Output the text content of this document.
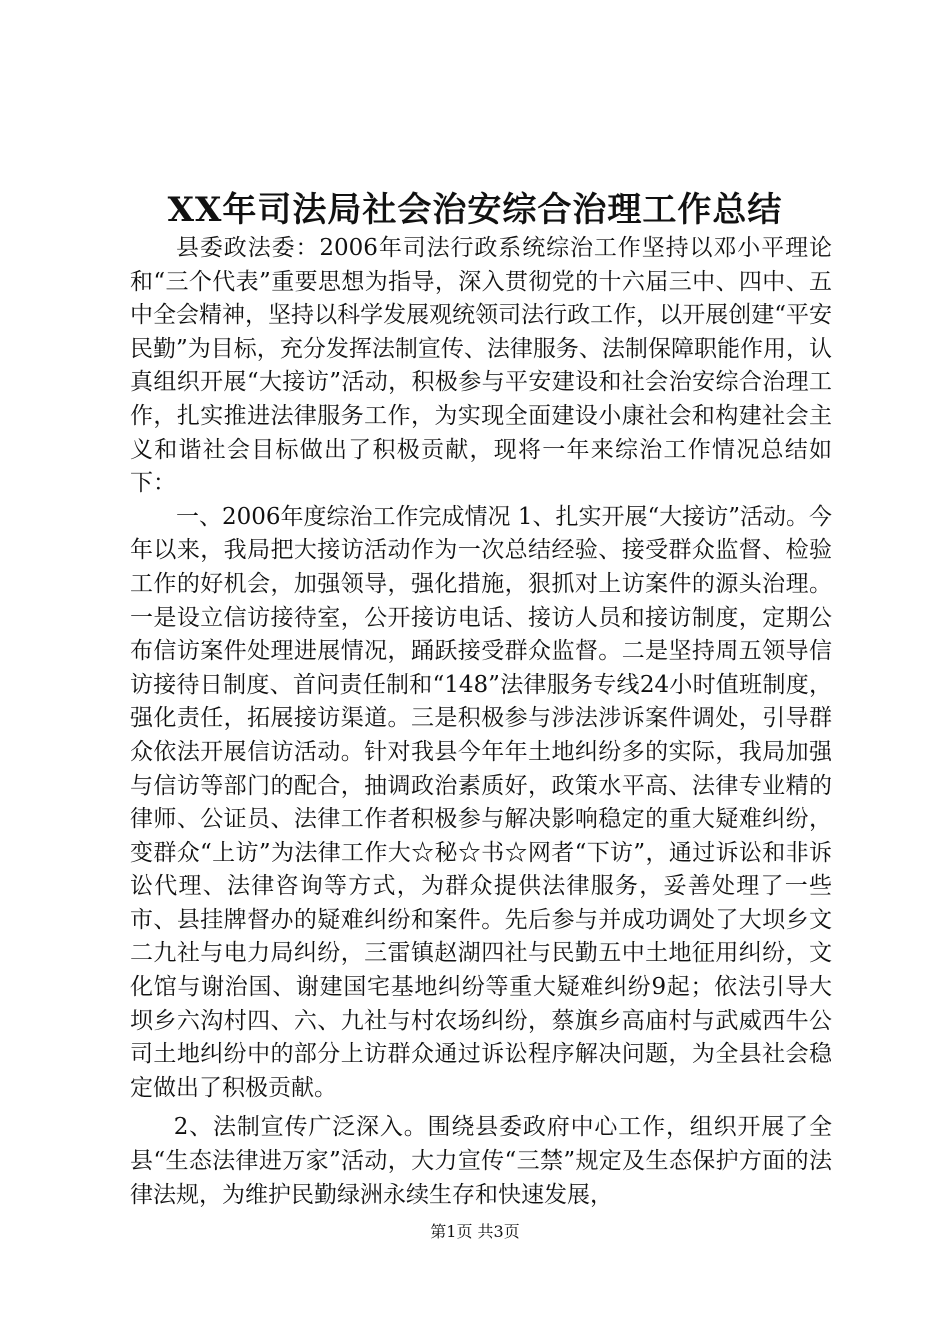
XX年司法局社会治安综合治理工作总结

县委政法委：2006年司法行政系统综治工作坚持以邓小平理论和“三个代表”重要思想为指导，深入贯彻党的十六届三中、四中、五中全会精神，坚持以科学发展观统领司法行政工作，以开展创建“平安民勤”为目标，充分发挥法制宣传、法律服务、法制保障职能作用，认真组织开展“大接访”活动，积极参与平安建设和社会治安综合治理工作，扎实推进法律服务工作，为实现全面建设小康社会和构建社会主义和谐社会目标做出了积极贡献，现将一年来综治工作情况总结如下：

一、2006年度综治工作完成情况 1、扎实开展“大接访”活动。今年以来，我局把大接访活动作为一次总结经验、接受群众监督、检验工作的好机会，加强领导，强化措施，狠抓对上访案件的源头治理。一是设立信访接待室，公开接访电话、接访人员和接访制度，定期公布信访案件处理进展情况，踊跃接受群众监督。二是坚持周五领导信访接待日制度、首问责任制和“148”法律服务专线24小时值班制度，强化责任，拓展接访渠道。三是积极参与涉法涉诉案件调处，引导群众依法开展信访活动。针对我县今年年土地纠纷多的实际，我局加强与信访等部门的配合，抽调政治素质好，政策水平高、法律专业精的律师、公证员、法律工作者积极参与解决影响稳定的重大疑难纠纷，变群众“上访”为法律工作大☆秘☆书☆网者“下访”，通过诉讼和非诉讼代理、法律咨询等方式，为群众提供法律服务，妥善处理了一些市、县挂牌督办的疑难纠纷和案件。先后参与并成功调处了大坝乡文二九社与电力局纠纷，三雷镇赵湖四社与民勤五中土地征用纠纷，文化馆与谢治国、谢建国宅基地纠纷等重大疑难纠纷9起；依法引导大坝乡六沟村四、六、九社与村农场纠纷，蔡旗乡高庙村与武威西牛公司土地纠纷中的部分上访群众通过诉讼程序解决问题，为全县社会稳定做出了积极贡献。

2、法制宣传广泛深入。围绕县委政府中心工作，组织开展了全县“生态法律进万家”活动，大力宣传“三禁”规定及生态保护方面的法律法规，为维护民勤绿洲永续生存和快速发展，

第1页 共3页
